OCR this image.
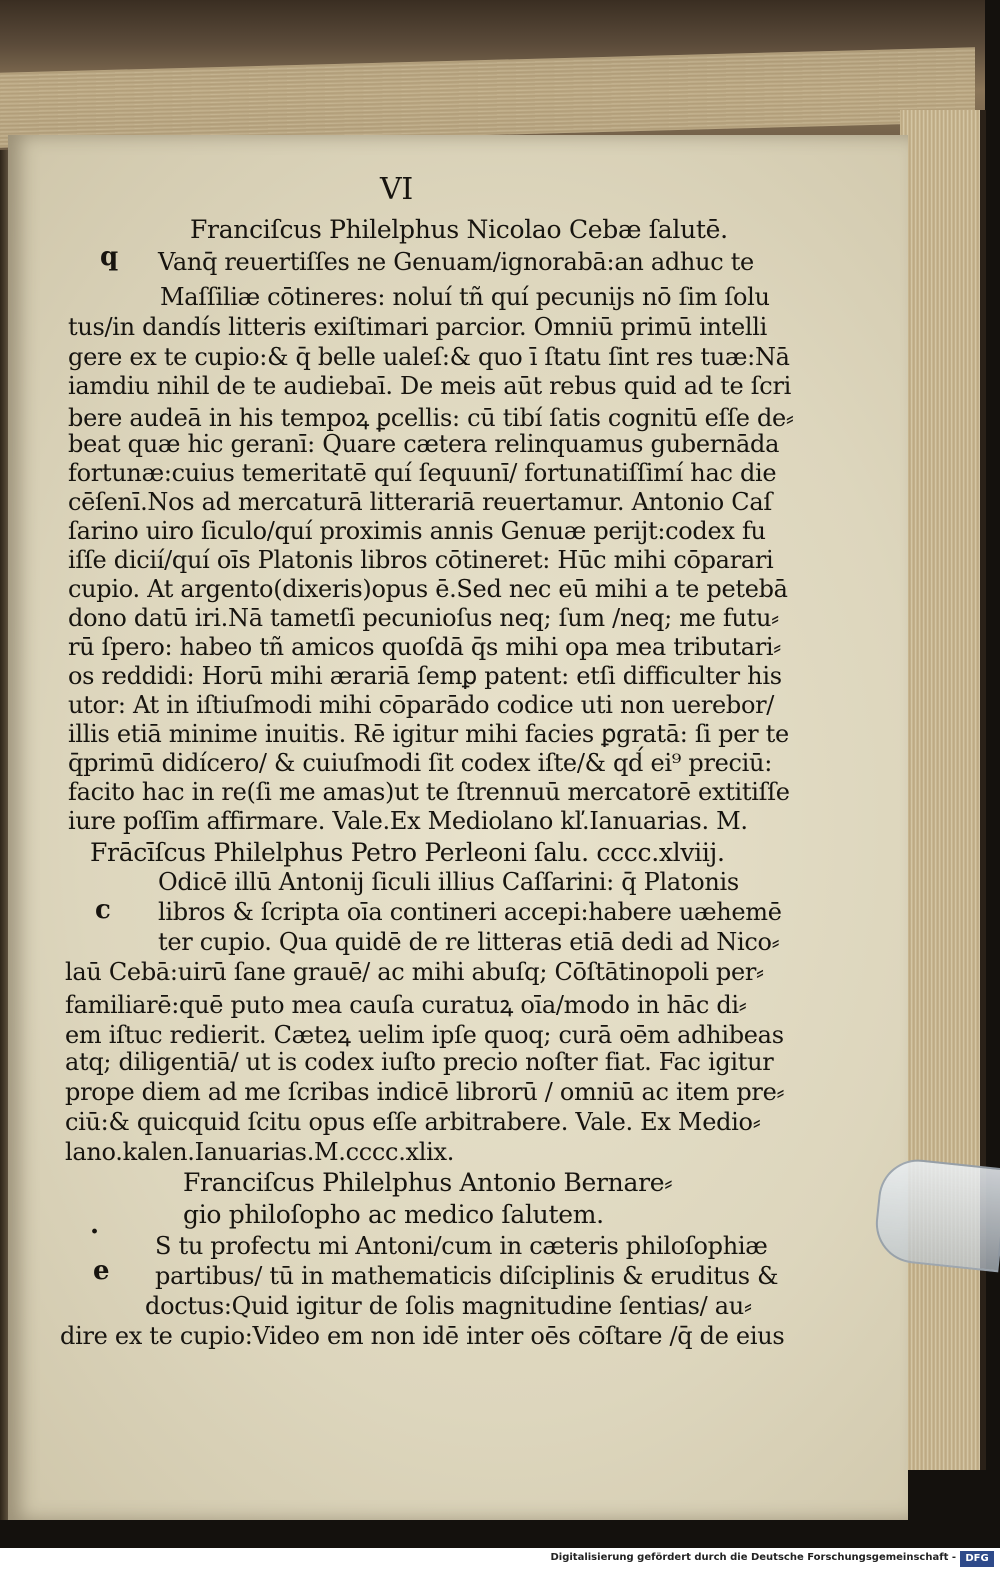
VI

q

c

.

e

Franciſcus Philelphus Nicolao Cebæ ſalutē.

Vanq̄ reuertiſſes ne Genuam/ignorabā:an adhuc te

Maſſiliæ cōtineres: noluí tñ quí pecunijs nō ſim ſolu

tus/in dandís litteris exiſtimari parcior. Omniū primū intelli

gere ex te cupio:& q̄ belle ualeſ:& quo ī ſtatu ſint res tuæ:Nā

iamdiu nihil de te audiebaī. De meis aūt rebus quid ad te ſcri

bere audeā in his tempoꝝ ꝑcellis: cū tibí ſatis cognitū eſſe de⸗

beat quæ hic geranī: Quare cætera relinquamus gubernāda

fortunæ:cuius temeritatē quí ſequunī/ fortunatiſſimí hac die

cēſenī.Nos ad mercaturā litterariā reuertamur. Antonio Caſ

ſarino uiro ſiculo/quí proximis annis Genuæ perijt:codex fu

iſſe dicií/quí oīs Platonis libros cōtineret: Hūc mihi cōparari

cupio. At argento(dixeris)opus ē.Sed nec eū mihi a te petebā

dono datū iri.Nā tametſi pecunioſus neq; ſum /neq; me futu⸗

rū ſpero: habeo tñ amicos quoſdā q̄s mihi opa mea tributari⸗

os reddidi: Horū mihi ærariā ſemꝑ patent: etſi difficulter his

utor: At in iſtiuſmodi mihi cōparādo codice uti non uerebor/

illis etiā minime inuitis. Rē igitur mihi facies ꝑgratā: ſi per te

q̄primū didícero/ & cuiuſmodi ſit codex iſte/& qd́ ei⁹ preciū:

facito hac in re(ſi me amas)ut te ſtrennuū mercatorē extitiſſe

iure poſſim affirmare. Vale.Ex Mediolano kľ.Ianuarias. M.

Frācīſcus Philelphus Petro Perleoni ſalu. cccc.xlviij.

Odicē illū Antonij ſiculi illius Caſſarini: q̄ Platonis

libros & ſcripta oīa contineri accepi:habere uæhemē

ter cupio. Qua quidē de re litteras etiā dedi ad Nico⸗

laū Cebā:uirū ſane grauē/ ac mihi abuſq; Cōſtātinopoli per⸗

familiarē:quē puto mea cauſa curatuꝝ oīa/modo in hāc di⸗

em iſtuc redierit. Cæteꝝ uelim ipſe quoq; curā oēm adhibeas

atq; diligentiā/ ut is codex iuſto precio noſter fiat. Fac igitur

prope diem ad me ſcribas indicē librorū / omniū ac item pre⸗

ciū:& quicquid ſcitu opus eſſe arbitrabere. Vale. Ex Medio⸗

lano.kalen.Ianuarias.M.cccc.xlix.

Franciſcus Philelphus Antonio Bernare⸗

gio philoſopho ac medico ſalutem.

S tu profectu mi Antoni/cum in cæteris philoſophiæ

partibus/ tū in mathematicis diſciplinis & eruditus &

doctus:Quid igitur de ſolis magnitudine ſentias/ au⸗

dire ex te cupio:Video em non idē inter oēs cōſtare /q̄ de eius

Digitalisierung gefördert durch die Deutsche Forschungsgemeinschaft - DFG
